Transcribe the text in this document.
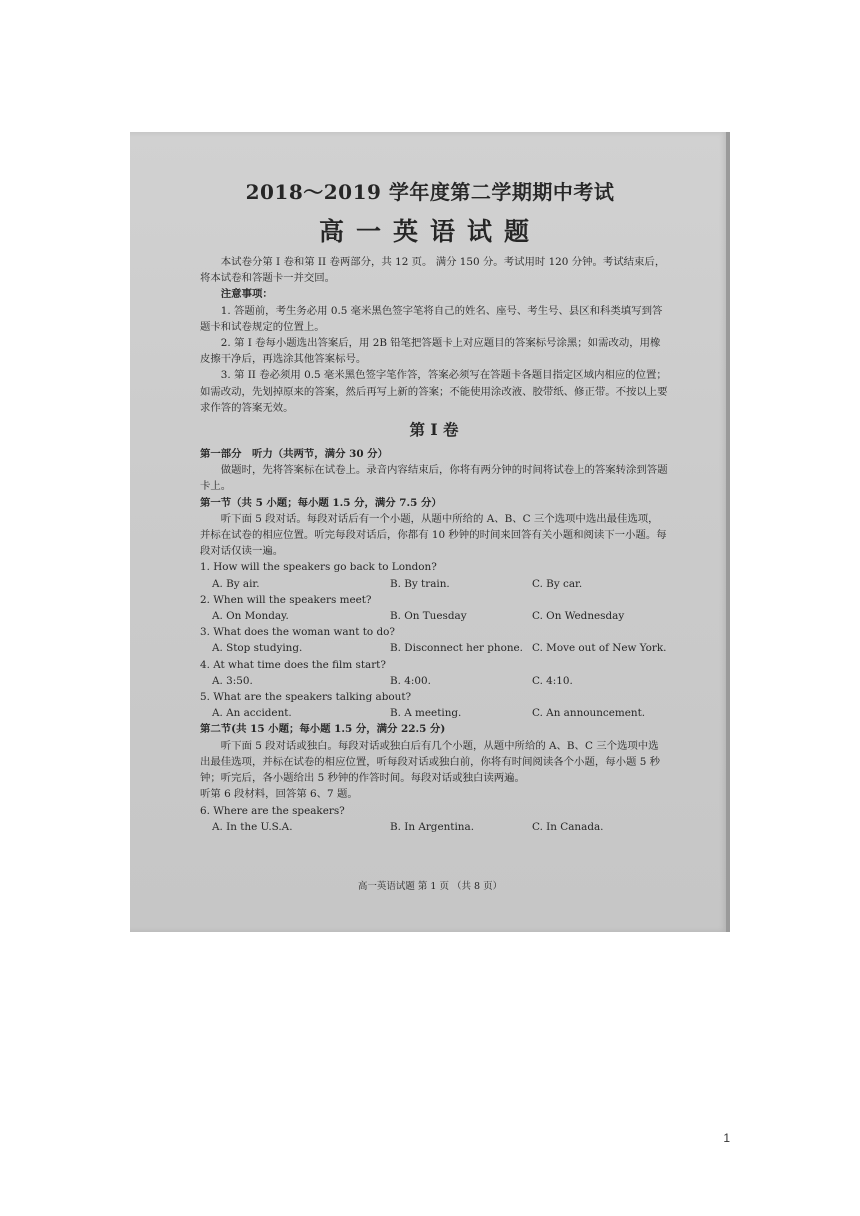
2018～2019 学年度第二学期期中考试
高一英语试题

本试卷分第 I 卷和第 II 卷两部分，共 12 页。 满分 150 分。考试用时 120 分钟。考试结束后，将本试卷和答题卡一并交回。

注意事项：

1. 答题前，考生务必用 0.5 毫米黑色签字笔将自己的姓名、座号、考生号、县区和科类填写到答题卡和试卷规定的位置上。

2. 第 I 卷每小题选出答案后，用 2B 铅笔把答题卡上对应题目的答案标号涂黑；如需改动，用橡皮擦干净后，再选涂其他答案标号。

3. 第 II 卷必须用 0.5 毫米黑色签字笔作答，答案必须写在答题卡各题目指定区域内相应的位置；如需改动，先划掉原来的答案，然后再写上新的答案；不能使用涂改液、胶带纸、修正带。不按以上要求作答的答案无效。

第 I 卷

第一部分　听力（共两节，满分 30 分）

做题时，先将答案标在试卷上。录音内容结束后，你将有两分钟的时间将试卷上的答案转涂到答题卡上。

第一节（共 5 小题；每小题 1.5 分，满分 7.5 分）

听下面 5 段对话。每段对话后有一个小题，从题中所给的 A、B、C 三个选项中选出最佳选项，并标在试卷的相应位置。听完每段对话后，你都有 10 秒钟的时间来回答有关小题和阅读下一小题。每段对话仅读一遍。

1. How will the speakers go back to London?

A. By air.	B. By train.	C. By car.

2. When will the speakers meet?

A. On Monday.	B. On Tuesday	C. On Wednesday

3. What does the woman want to do?

A. Stop studying.	B. Disconnect her phone. C. Move out of New York.

4. At what time does the film start?

A. 3:50.	B. 4:00.	C. 4:10.

5. What are the speakers talking about?

A. An accident.	B. A meeting.	C. An announcement.

第二节(共 15 小题；每小题 1.5 分，满分 22.5 分)

听下面 5 段对话或独白。每段对话或独白后有几个小题，从题中所给的 A、B、C 三个选项中选出最佳选项，并标在试卷的相应位置，听每段对话或独白前，你将有时间阅读各个小题，每小题 5 秒钟；听完后，各小题给出 5 秒钟的作答时间。每段对话或独白读两遍。

听第 6 段材料，回答第 6、7 题。

6. Where are the speakers?

A. In the U.S.A.	B. In Argentina.	C. In Canada.
高一英语试题 第 1 页 （共 8 页）
1
